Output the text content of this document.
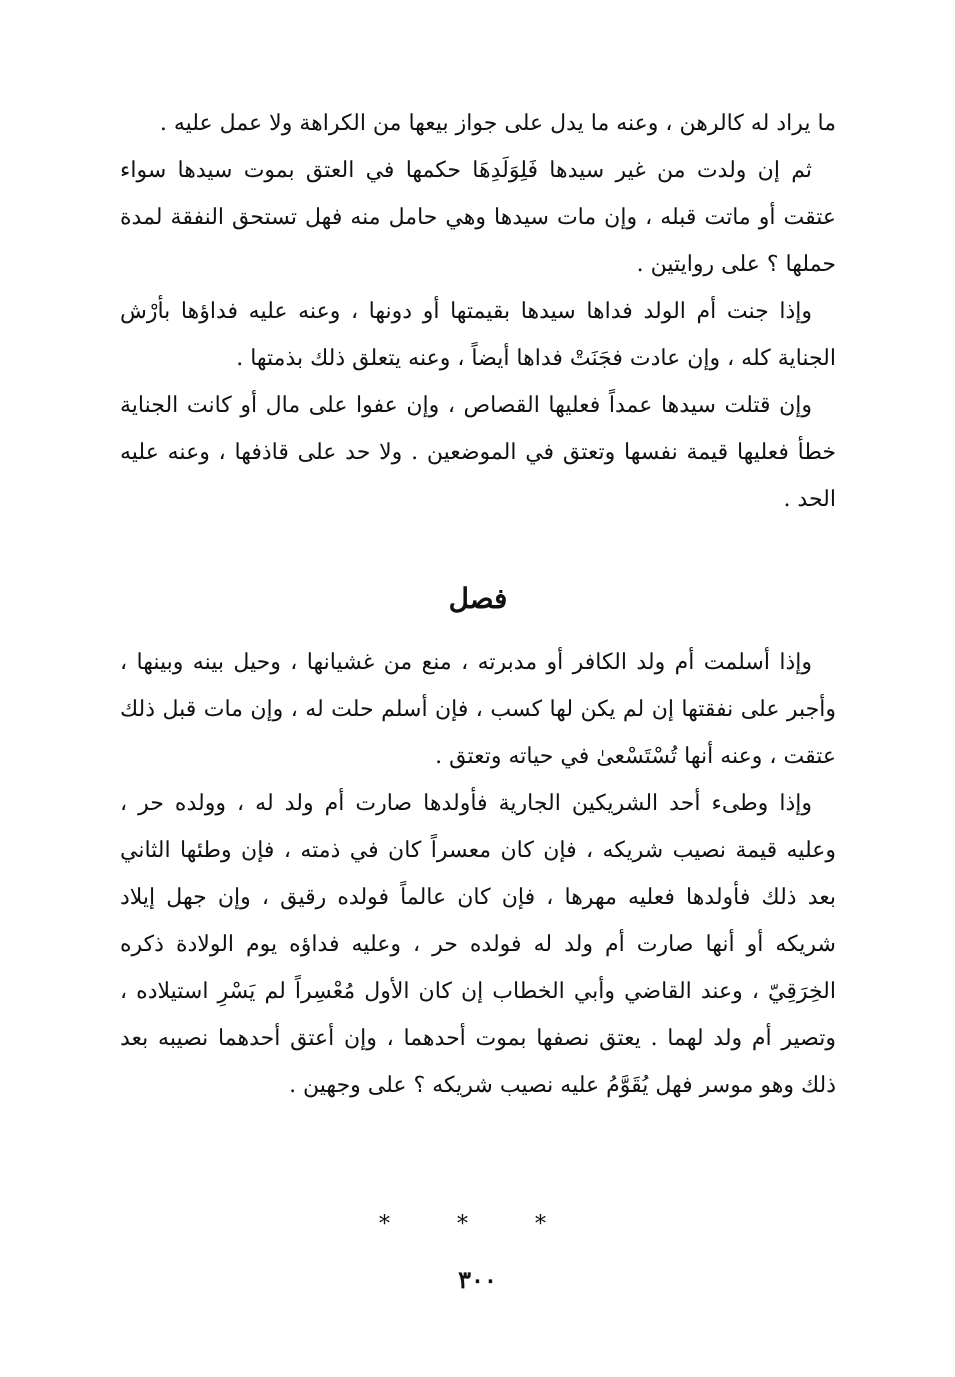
ما يراد له كالرهن ، وعنه ما يدل على جواز بيعها من الكراهة ولا عمل عليه .

ثم إن ولدت من غير سيدها فَلِوَلَدِهَا حكمها في العتق بموت سيدها سواء عتقت أو ماتت قبله ، وإن مات سيدها وهي حامل منه فهل تستحق النفقة لمدة حملها ؟ على روايتين .

وإذا جنت أم الولد فداها سيدها بقيمتها أو دونها ، وعنه عليه فداؤها بأرْش الجناية كله ، وإن عادت فجَنَتْ فداها أيضاً ، وعنه يتعلق ذلك بذمتها .

وإن قتلت سيدها عمداً فعليها القصاص ، وإن عفوا على مال أو كانت الجناية خطأ فعليها قيمة نفسها وتعتق في الموضعين . ولا حد على قاذفها ، وعنه عليه الحد .

فصل

وإذا أسلمت أم ولد الكافر أو مدبرته ، منع من غشيانها ، وحيل بينه وبينها ، وأجبر على نفقتها إن لم يكن لها كسب ، فإن أسلم حلت له ، وإن مات قبل ذلك عتقت ، وعنه أنها تُسْتَسْعىٰ في حياته وتعتق .

وإذا وطىء أحد الشريكين الجارية فأولدها صارت أم ولد له ، وولده حر ، وعليه قيمة نصيب شريكه ، فإن كان معسراً كان في ذمته ، فإن وطئها الثاني بعد ذلك فأولدها فعليه مهرها ، فإن كان عالماً فولده رقيق ، وإن جهل إيلاد شريكه أو أنها صارت أم ولد له فولده حر ، وعليه فداؤه يوم الولادة ذكره الخِرَقِيّ ، وعند القاضي وأبي الخطاب إن كان الأول مُعْسِراً لم يَسْرِ استيلاده ، وتصير أم ولد لهما . يعتق نصفها بموت أحدهما ، وإن أعتق أحدهما نصيبه بعد ذلك وهو موسر فهل يُقَوَّمُ عليه نصيب شريكه ؟ على وجهين .

* * *
٣٠٠
